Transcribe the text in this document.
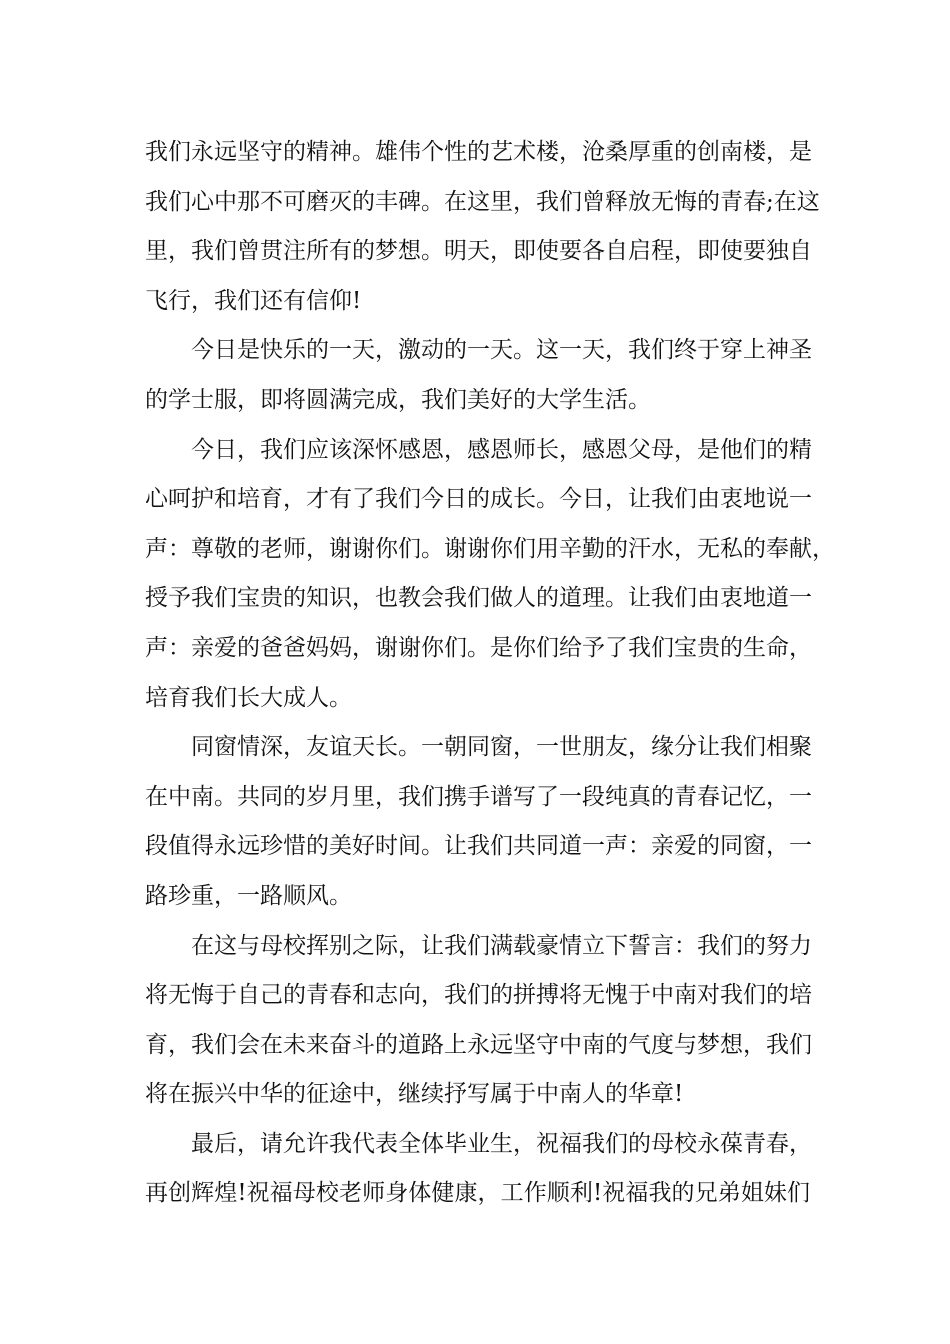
我们永远坚守的精神。雄伟个性的艺术楼，沧桑厚重的创南楼，是
我们心中那不可磨灭的丰碑。在这里，我们曾释放无悔的青春;在这
里，我们曾贯注所有的梦想。明天，即使要各自启程，即使要独自
飞行，我们还有信仰!
今日是快乐的一天，激动的一天。这一天，我们终于穿上神圣
的学士服，即将圆满完成，我们美好的大学生活。
今日，我们应该深怀感恩，感恩师长，感恩父母，是他们的精
心呵护和培育，才有了我们今日的成长。今日，让我们由衷地说一
声：尊敬的老师，谢谢你们。谢谢你们用辛勤的汗水，无私的奉献，
授予我们宝贵的知识，也教会我们做人的道理。让我们由衷地道一
声：亲爱的爸爸妈妈，谢谢你们。是你们给予了我们宝贵的生命，
培育我们长大成人。
同窗情深，友谊天长。一朝同窗，一世朋友，缘分让我们相聚
在中南。共同的岁月里，我们携手谱写了一段纯真的青春记忆，一
段值得永远珍惜的美好时间。让我们共同道一声：亲爱的同窗，一
路珍重，一路顺风。
在这与母校挥别之际，让我们满载豪情立下誓言：我们的努力
将无悔于自己的青春和志向，我们的拼搏将无愧于中南对我们的培
育，我们会在未来奋斗的道路上永远坚守中南的气度与梦想，我们
将在振兴中华的征途中，继续抒写属于中南人的华章!
最后，请允许我代表全体毕业生，祝福我们的母校永葆青春，
再创辉煌!祝福母校老师身体健康，工作顺利!祝福我的兄弟姐妹们
